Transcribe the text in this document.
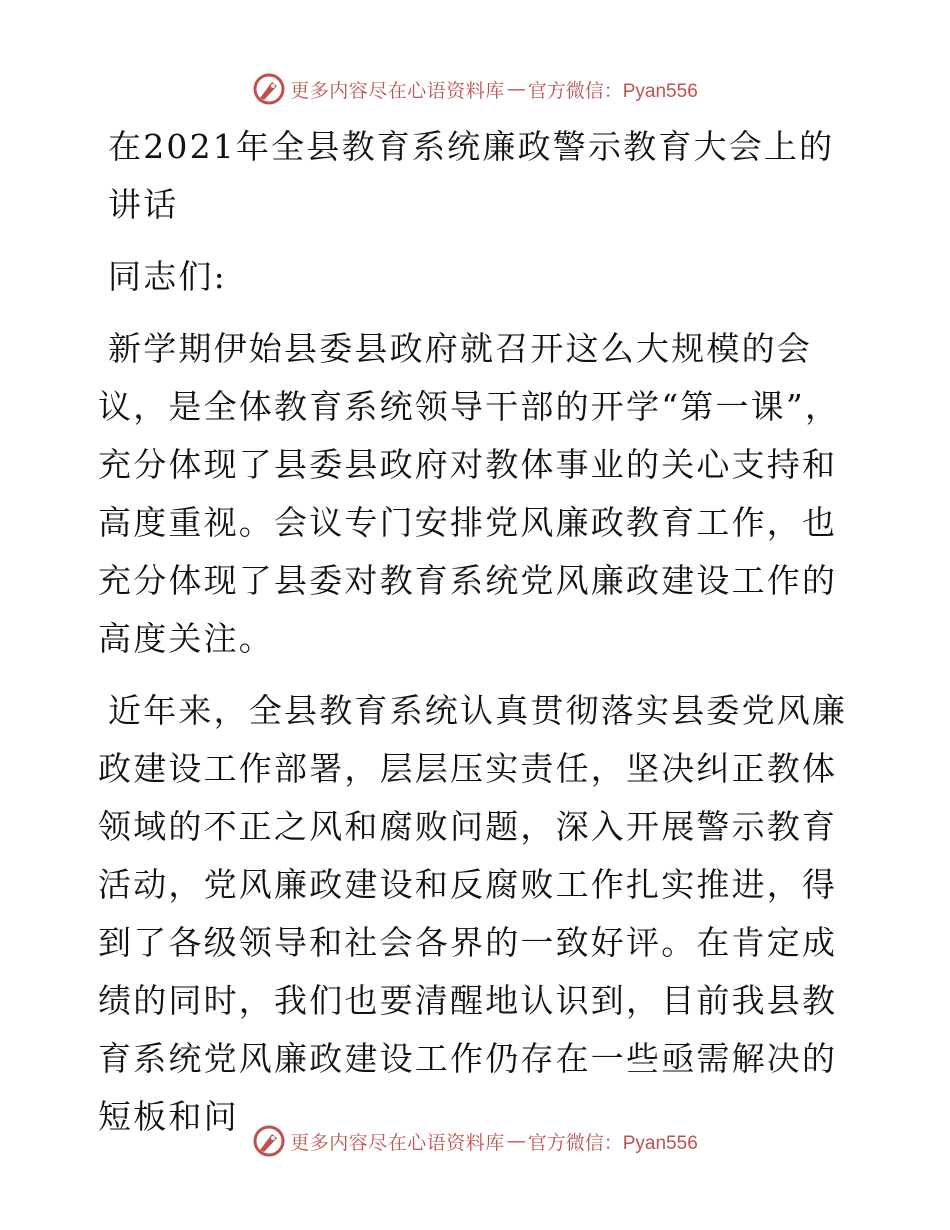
更多内容尽在心语资料库 — 官方微信：Pyan556
在2021年全县教育系统廉政警示教育大会上的讲话

同志们:

新学期伊始县委县政府就召开这么大规模的会议，是全体教育系统领导干部的开学“第一课”，充分体现了县委县政府对教体事业的关心支持和高度重视。会议专门安排党风廉政教育工作，也充分体现了县委对教育系统党风廉政建设工作的高度关注。

近年来，全县教育系统认真贯彻落实县委党风廉政建设工作部署，层层压实责任，坚决纠正教体领域的不正之风和腐败问题，深入开展警示教育活动，党风廉政建设和反腐败工作扎实推进，得到了各级领导和社会各界的一致好评。在肯定成绩的同时，我们也要清醒地认识到，目前我县教育系统党风廉政建设工作仍存在一些亟需解决的短板和问

更多内容尽在心语资料库 — 官方微信：Pyan556
